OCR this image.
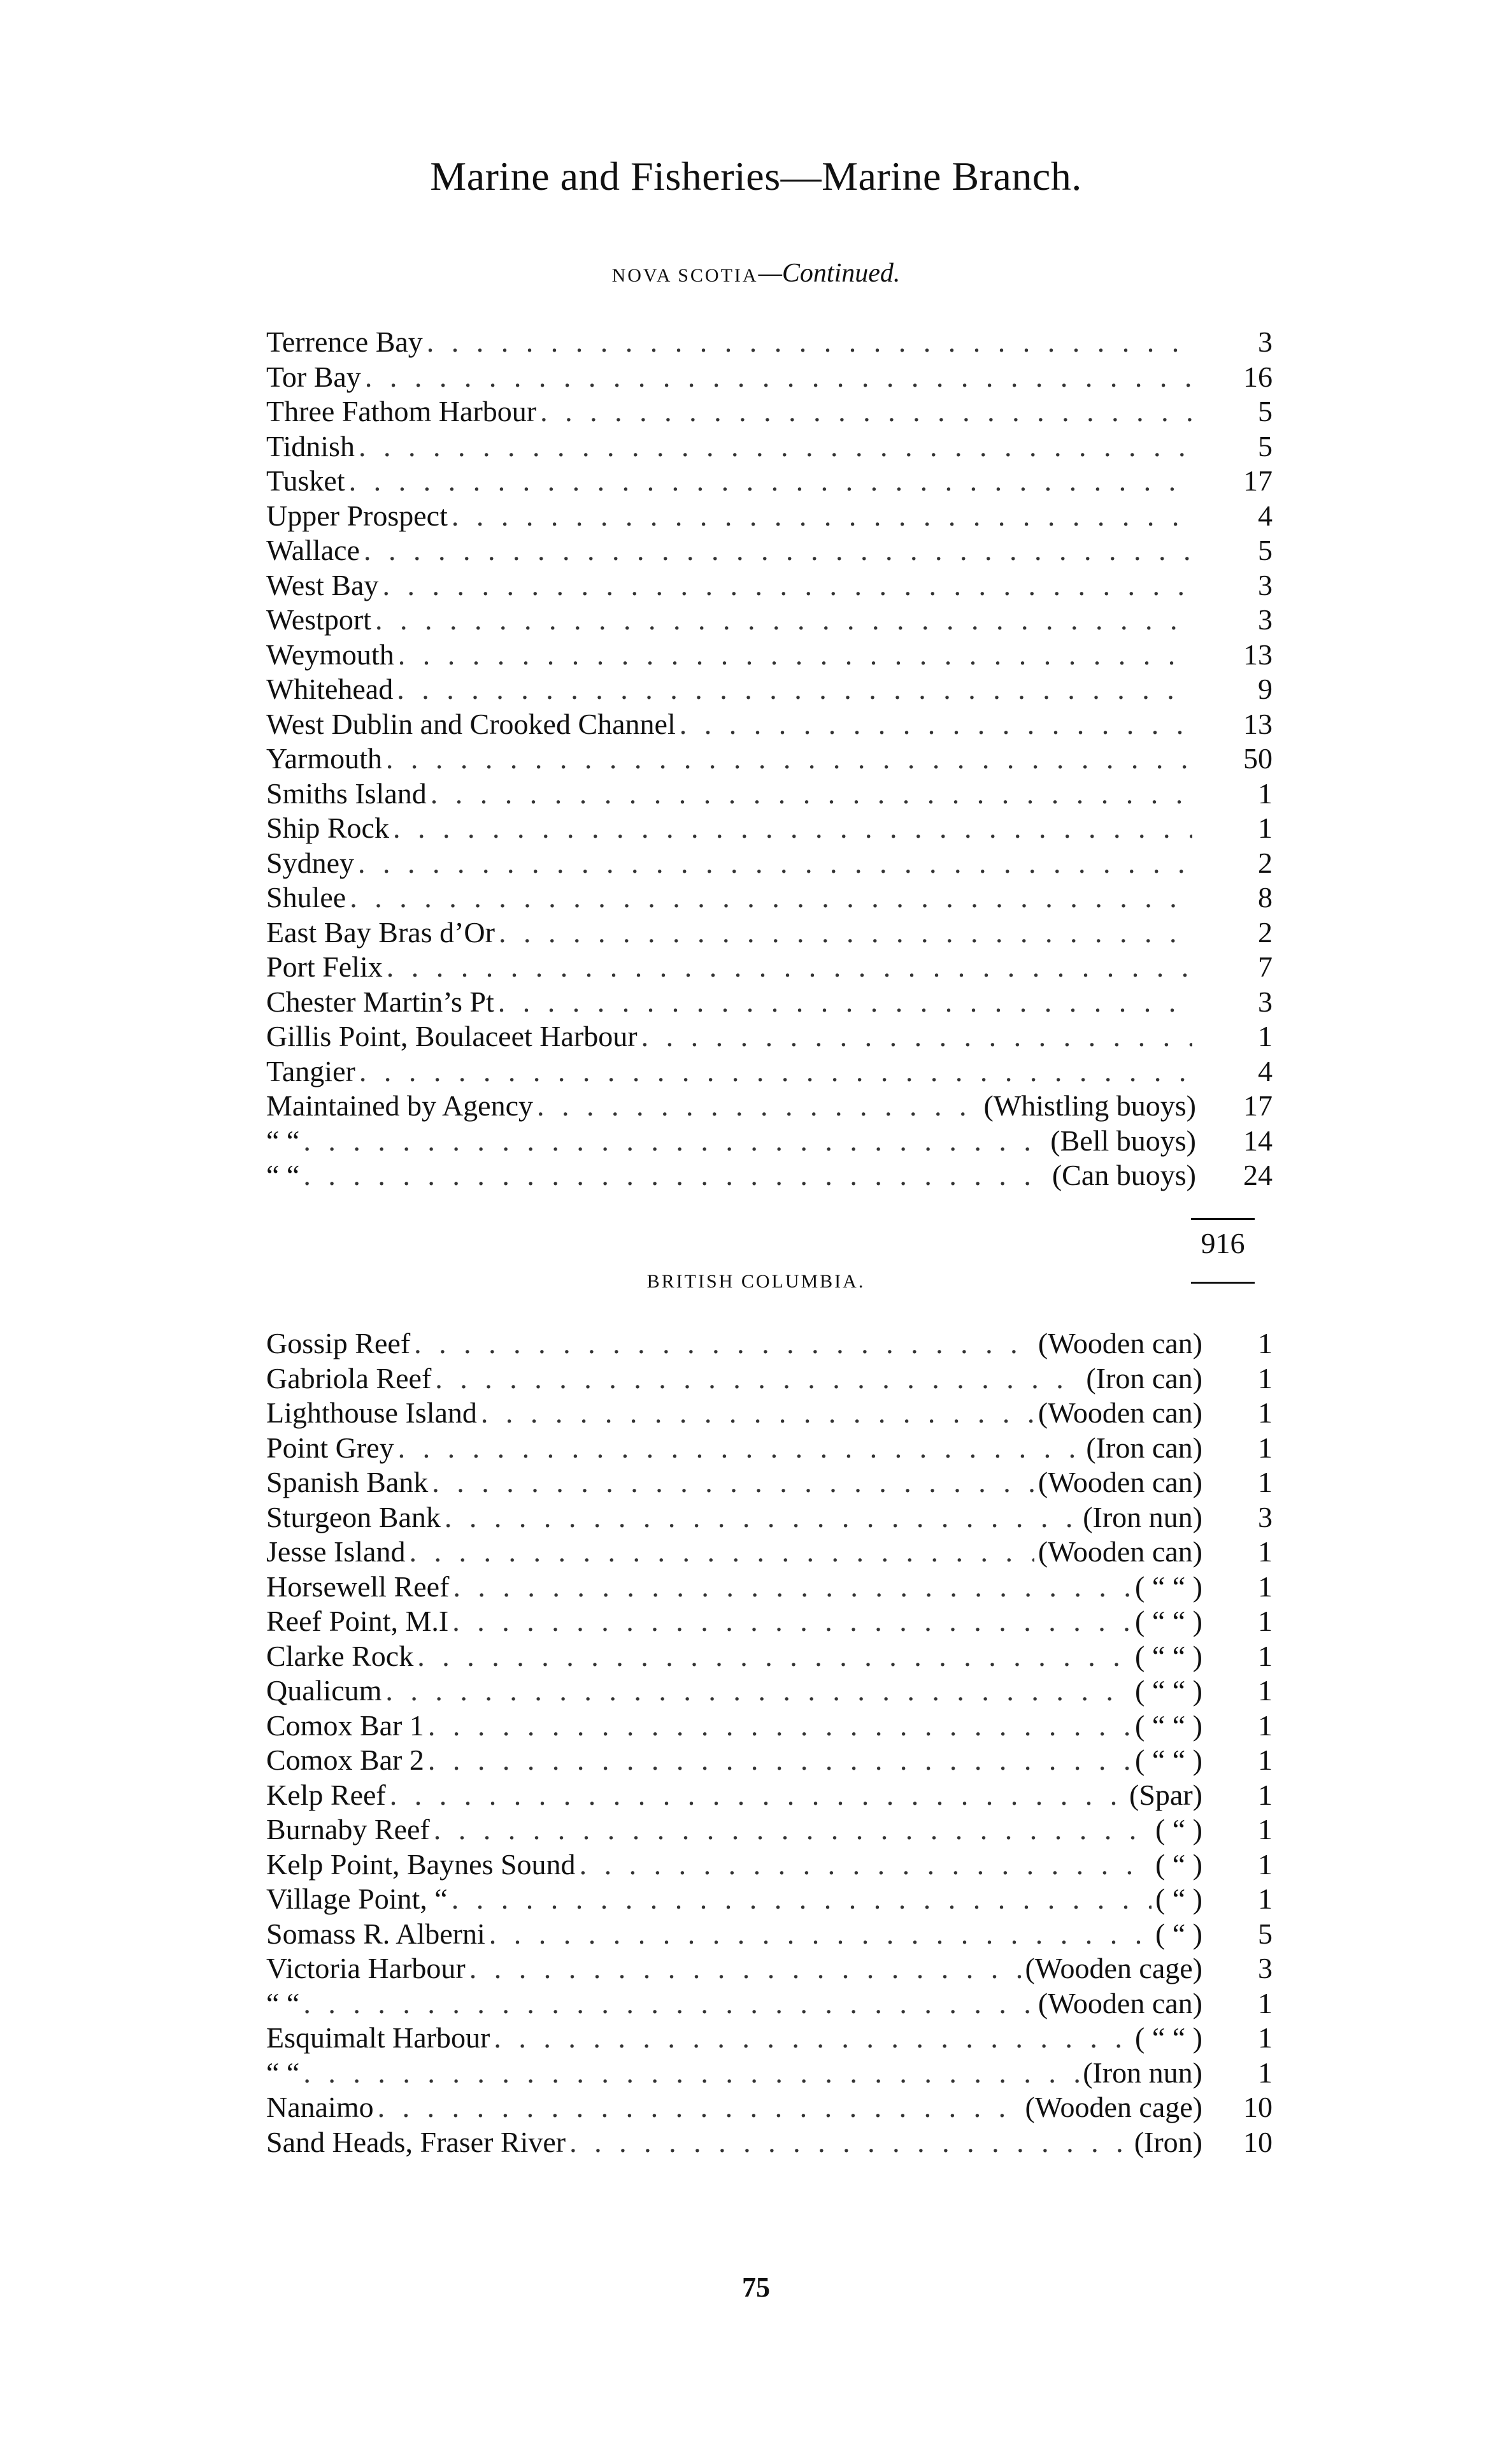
Marine and Fisheries—Marine Branch.
NOVA SCOTIA—Continued.
Terrence Bay . . .	3
Tor Bay . . .	16
Three Fathom Harbour . . .	5
Tidnish . . .	5
Tusket . . .	17
Upper Prospect . . .	4
Wallace . . .	5
West Bay . . .	3
Westport . . .	3
Weymouth . . .	13
Whitehead . . .	9
West Dublin and Crooked Channel . . .	13
Yarmouth . . .	50
Smiths Island . . .	1
Ship Rock . . .	1
Sydney . . .	2
Shulee . . .	8
East Bay Bras d’Or . . .	2
Port Felix . . .	7
Chester Martin’s Pt . . .	3
Gillis Point, Boulaceet Harbour . . .	1
Tangier . . .	4
Maintained by Agency . . .	(Whistling buoys)	17
“ “ . . .	(Bell buoys)	14
“ “ . . .	(Can buoys)	24
916
BRITISH COLUMBIA.
Gossip Reef . . .	(Wooden can)	1
Gabriola Reef . . .	(Iron can)	1
Lighthouse Island . . .	(Wooden can)	1
Point Grey . . .	(Iron can)	1
Spanish Bank . . .	(Wooden can)	1
Sturgeon Bank . . .	(Iron nun)	3
Jesse Island . . .	(Wooden can)	1
Horsewell Reef . . .	( “ “ )	1
Reef Point, M.I . . .	( “ “ )	1
Clarke Rock . . .	( “ “ )	1
Qualicum . . .	( “ “ )	1
Comox Bar 1 . . .	( “ “ )	1
Comox Bar 2 . . .	( “ “ )	1
Kelp Reef . . .	(Spar)	1
Burnaby Reef . . .	( “ )	1
Kelp Point, Baynes Sound . . .	( “ )	1
Village Point, “ . . .	( “ )	1
Somass R. Alberni . . .	( “ )	5
Victoria Harbour . . .	(Wooden cage)	3
“ “ . . .	(Wooden can)	1
Esquimalt Harbour . . .	( “ “ )	1
“ “ . . .	(Iron nun)	1
Nanaimo . . .	(Wooden cage)	10
Sand Heads, Fraser River . . .	(Iron)	10
75
